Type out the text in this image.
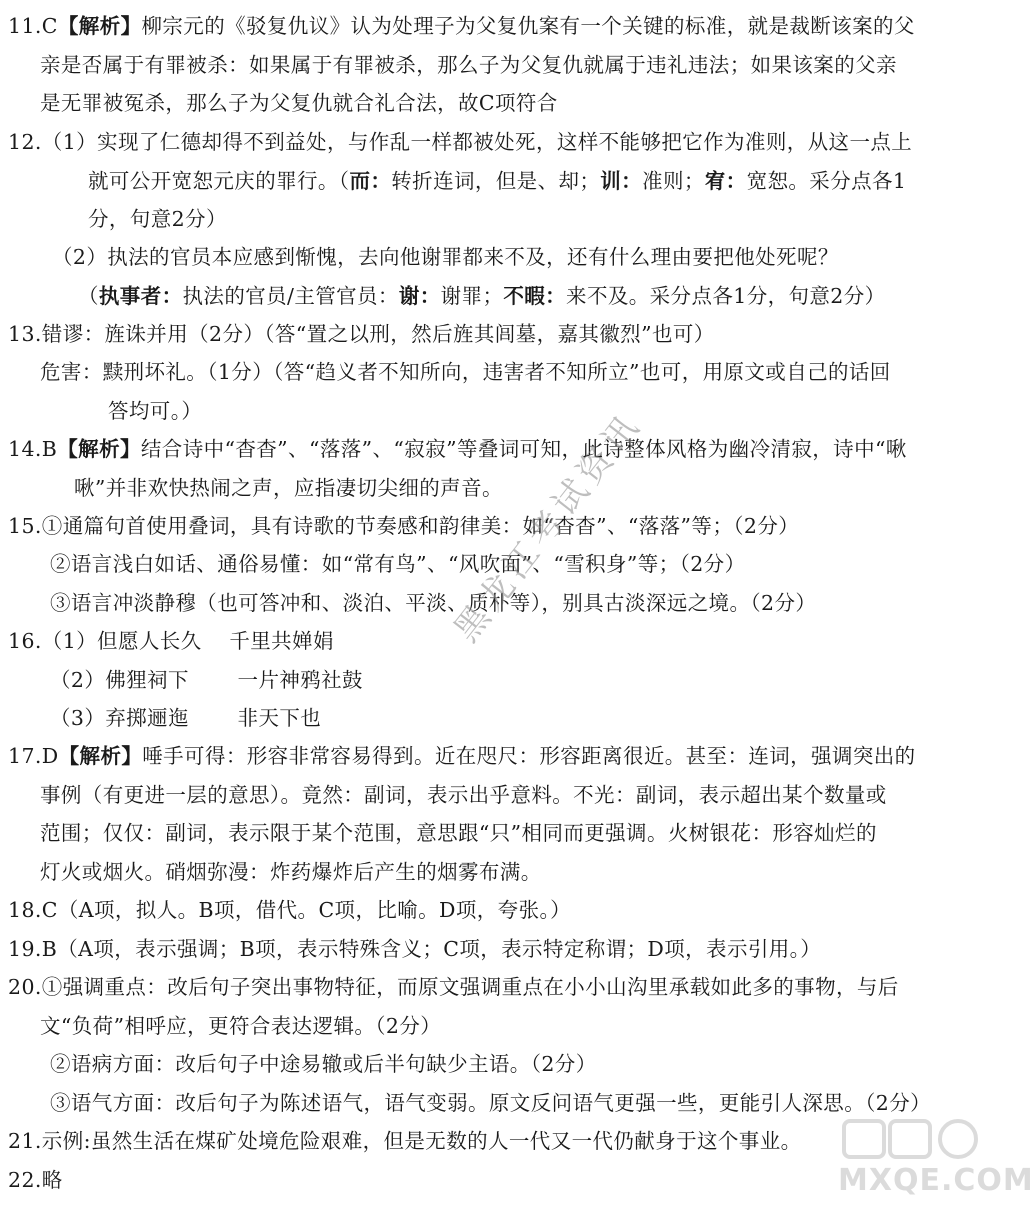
11.C【解析】柳宗元的《驳复仇议》认为处理子为父复仇案有一个关键的标准，就是裁断该案的父
亲是否属于有罪被杀：如果属于有罪被杀，那么子为父复仇就属于违礼违法；如果该案的父亲
是无罪被冤杀，那么子为父复仇就合礼合法，故C项符合
12.（1）实现了仁德却得不到益处，与作乱一样都被处死，这样不能够把它作为准则，从这一点上
就可公开宽恕元庆的罪行。（而：转折连词，但是、却；训：准则；宥：宽恕。采分点各1
分，句意2分）
（2）执法的官员本应感到惭愧，去向他谢罪都来不及，还有什么理由要把他处死呢？
（执事者：执法的官员/主管官员：谢：谢罪；不暇：来不及。采分点各1分，句意2分）
13.错谬：旌诛并用（2分）（答“置之以刑，然后旌其闾墓，嘉其徽烈”也可）
危害：黩刑坏礼。（1分）（答“趋义者不知所向，违害者不知所立”也可，用原文或自己的话回
答均可。）
14.B【解析】结合诗中“杳杳”、“落落”、“寂寂”等叠词可知，此诗整体风格为幽冷清寂，诗中“啾
啾”并非欢快热闹之声，应指凄切尖细的声音。
15.①通篇句首使用叠词，具有诗歌的节奏感和韵律美：如“杳杳”、“落落”等；（2分）
②语言浅白如话、通俗易懂：如“常有鸟”、“风吹面”、“雪积身”等；（2分）
③语言冲淡静穆（也可答冲和、淡泊、平淡、质朴等），别具古淡深远之境。（2分）
16.（1）但愿人长久　 千里共婵娟
（2）佛狸祠下　　 一片神鸦社鼓
（3）弃掷逦迤　　 非天下也
17.D【解析】唾手可得：形容非常容易得到。近在咫尺：形容距离很近。甚至：连词，强调突出的
事例（有更进一层的意思）。竟然：副词，表示出乎意料。不光：副词，表示超出某个数量或
范围；仅仅：副词，表示限于某个范围，意思跟“只”相同而更强调。火树银花：形容灿烂的
灯火或烟火。硝烟弥漫：炸药爆炸后产生的烟雾布满。
18.C（A项，拟人。B项，借代。C项，比喻。D项，夸张。）
19.B（A项，表示强调；B项，表示特殊含义；C项，表示特定称谓；D项，表示引用。）
20.①强调重点：改后句子突出事物特征，而原文强调重点在小小山沟里承载如此多的事物，与后
文“负荷”相呼应，更符合表达逻辑。（2分）
②语病方面：改后句子中途易辙或后半句缺少主语。（2分）
③语气方面：改后句子为陈述语气，语气变弱。原文反问语气更强一些，更能引人深思。（2分）
21.示例:虽然生活在煤矿处境危险艰难，但是无数的人一代又一代仍献身于这个事业。
22.略
黑龙江考试资讯
MXQE.COM
